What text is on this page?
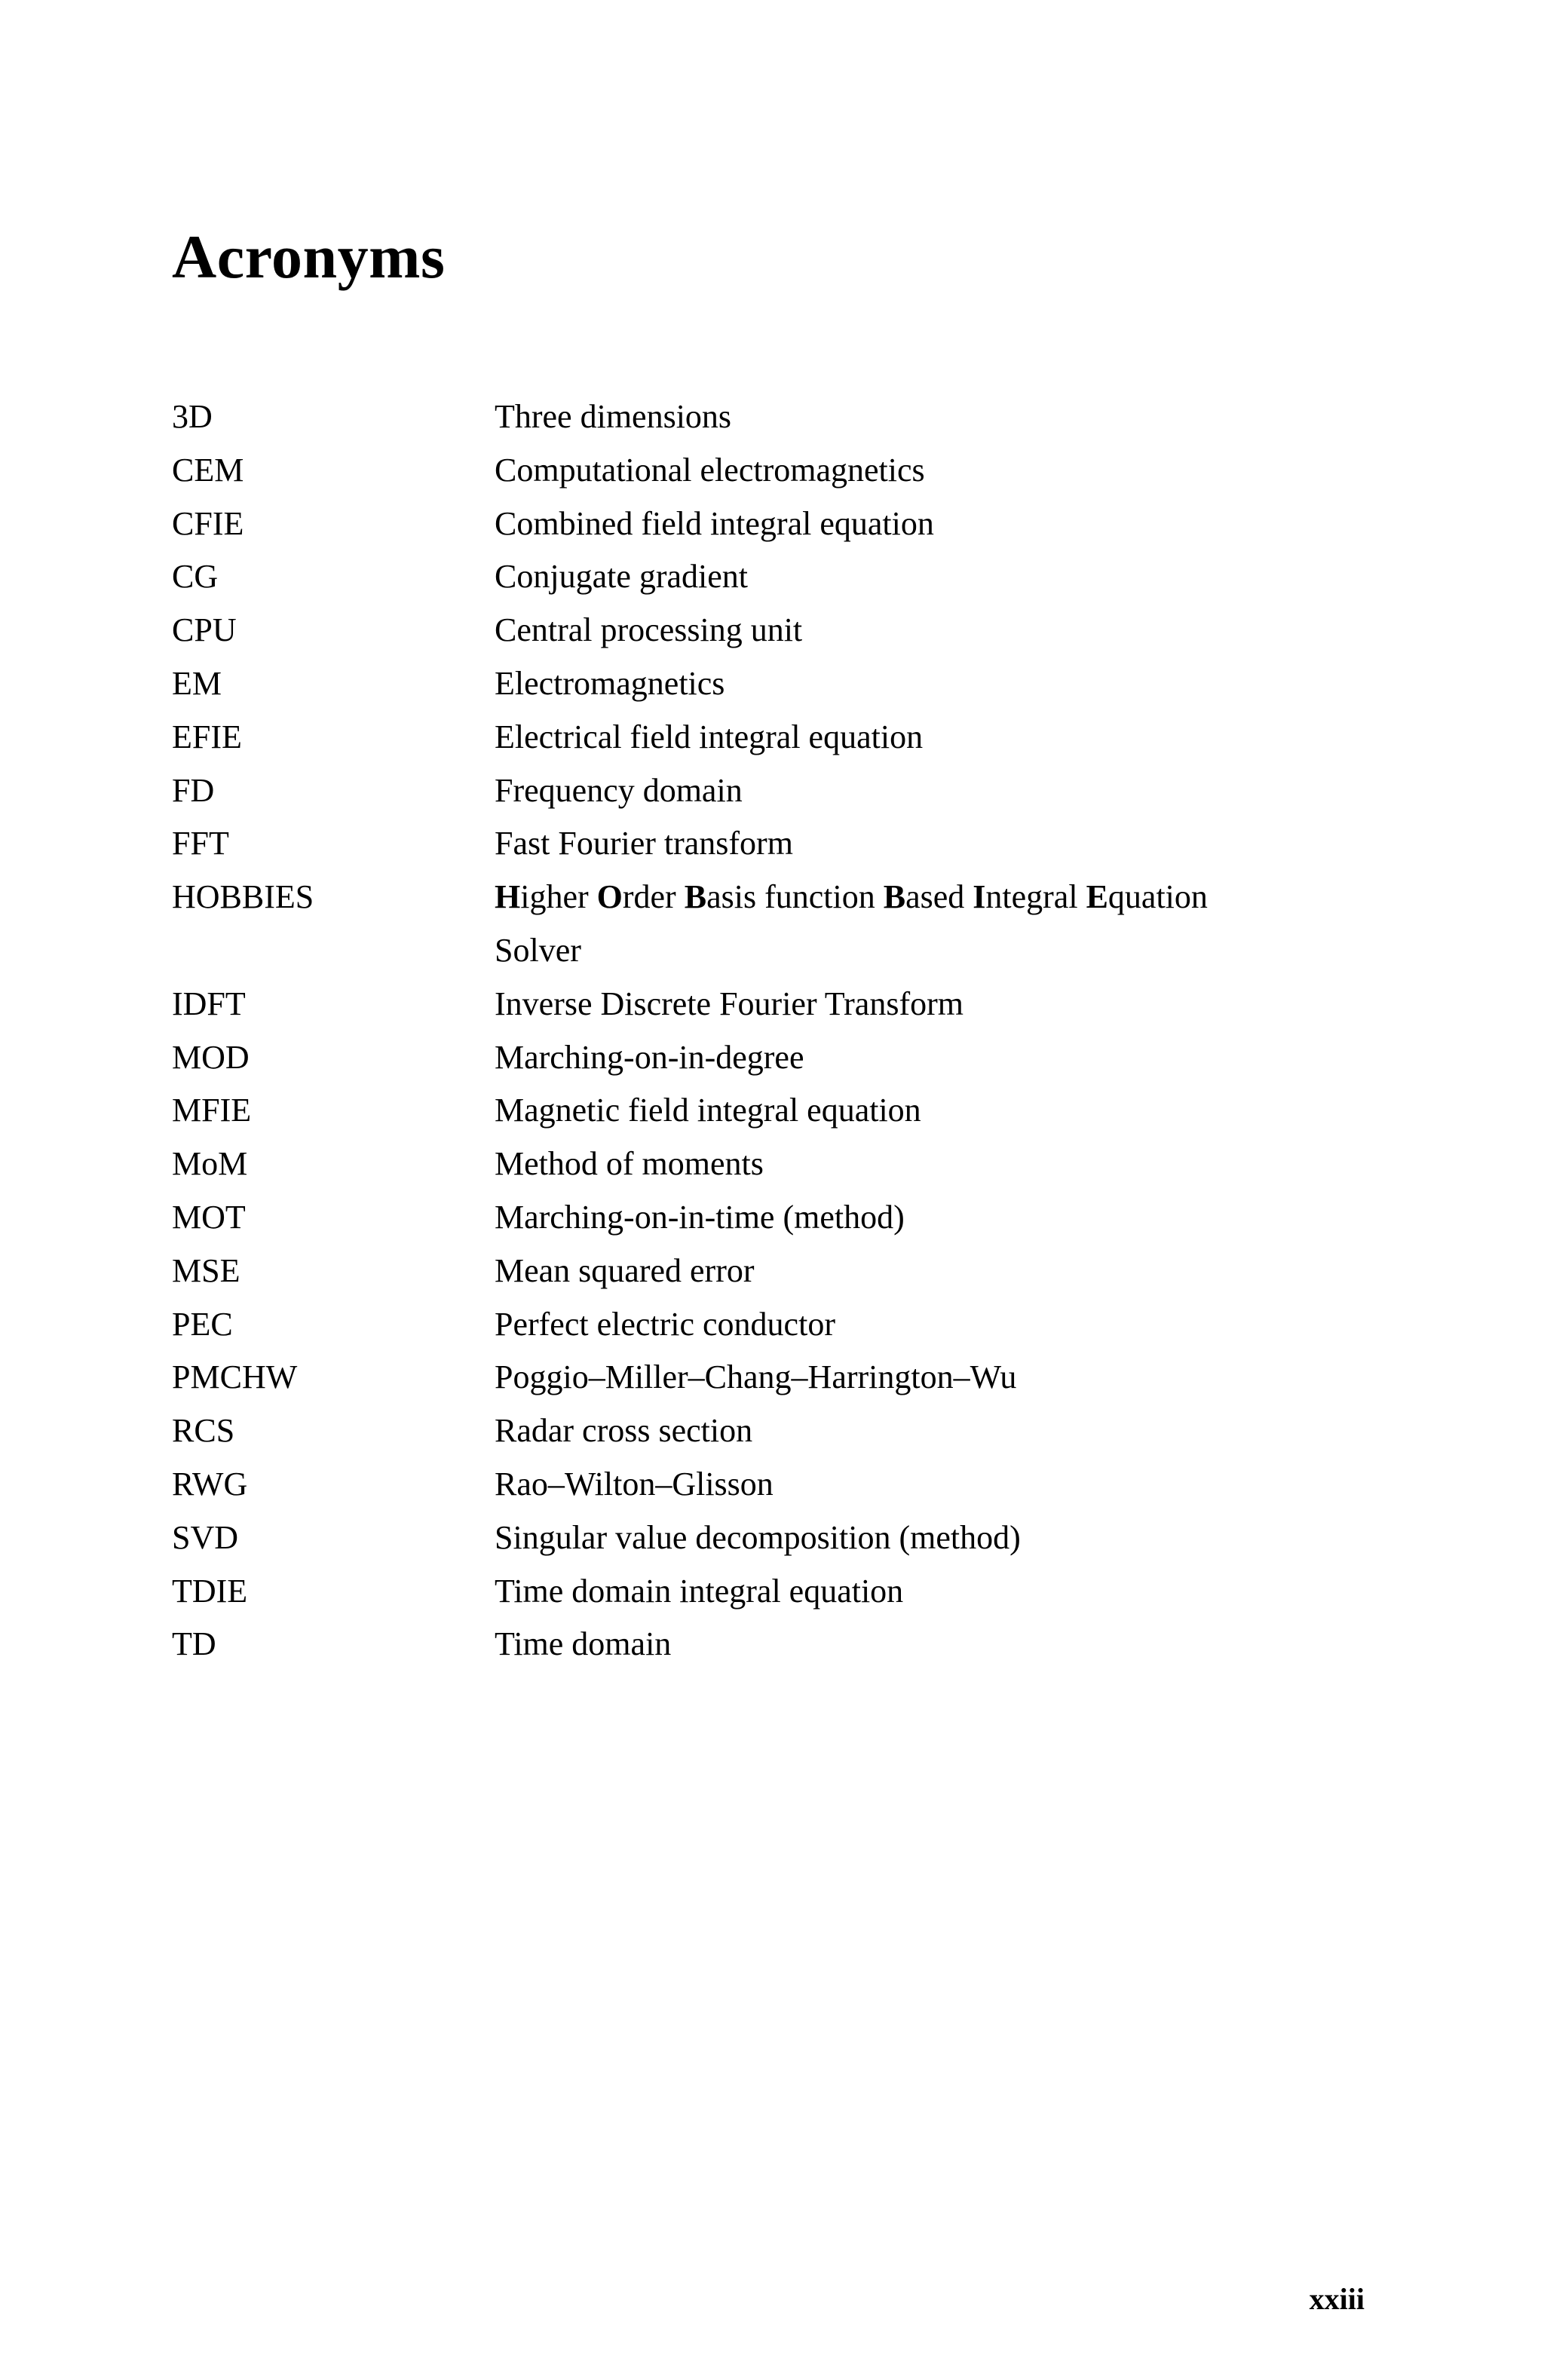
Acronyms
3D	Three dimensions
CEM	Computational electromagnetics
CFIE	Combined field integral equation
CG	Conjugate gradient
CPU	Central processing unit
EM	Electromagnetics
EFIE	Electrical field integral equation
FD	Frequency domain
FFT	Fast Fourier transform
HOBBIES	Higher Order Basis function Based Integral Equation Solver
IDFT	Inverse Discrete Fourier Transform
MOD	Marching-on-in-degree
MFIE	Magnetic field integral equation
MoM	Method of moments
MOT	Marching-on-in-time (method)
MSE	Mean squared error
PEC	Perfect electric conductor
PMCHW	Poggio–Miller–Chang–Harrington–Wu
RCS	Radar cross section
RWG	Rao–Wilton–Glisson
SVD	Singular value decomposition (method)
TDIE	Time domain integral equation
TD	Time domain
xxiii
